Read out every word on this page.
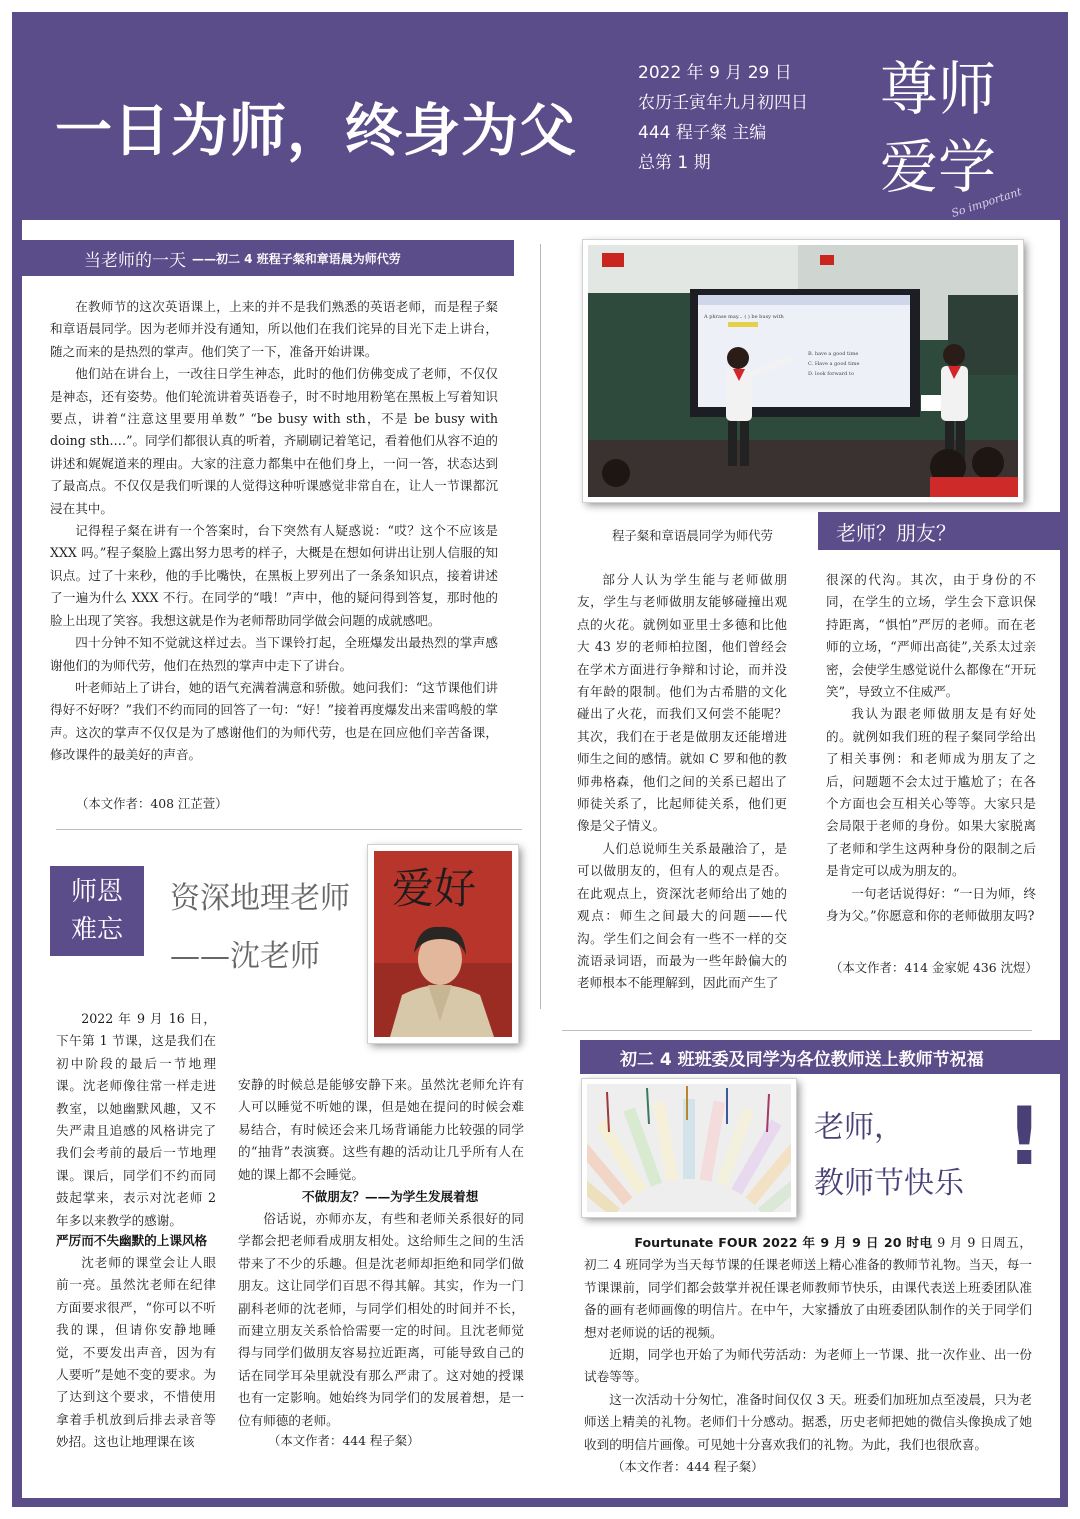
一日为师，终身为父
2022 年 9 月 29 日
农历壬寅年九月初四日
444 程子粲 主编
总第 1 期
尊师
爱学
So important
当老师的一天 ——初二 4 班程子粲和章语晨为师代劳

在教师节的这次英语课上，上来的并不是我们熟悉的英语老师，而是程子粲和章语晨同学。因为老师并没有通知，所以他们在我们诧异的目光下走上讲台，随之而来的是热烈的掌声。他们笑了一下，准备开始讲课。

他们站在讲台上，一改往日学生神态，此时的他们仿佛变成了老师，不仅仅是神态，还有姿势。他们轮流讲着英语卷子，时不时地用粉笔在黑板上写着知识要点，讲着“注意这里要用单数” “be busy with sth，不是 be busy with doing sth.…”。同学们都很认真的听着，齐刷刷记着笔记，看着他们从容不迫的讲述和娓娓道来的理由。大家的注意力都集中在他们身上，一问一答，状态达到了最高点。不仅仅是我们听课的人觉得这种听课感觉非常自在，让人一节课都沉浸在其中。

记得程子粲在讲有一个答案时，台下突然有人疑惑说：“哎？这个不应该是 XXX 吗。”程子粲脸上露出努力思考的样子，大概是在想如何讲出让别人信服的知识点。过了十来秒，他的手比嘴快，在黑板上罗列出了一条条知识点，接着讲述了一遍为什么 XXX 不行。在同学的“哦！”声中，他的疑问得到答复，那时他的脸上出现了笑容。我想这就是作为老师帮助同学做会问题的成就感吧。

四十分钟不知不觉就这样过去。当下课铃打起，全班爆发出最热烈的掌声感谢他们的为师代劳，他们在热烈的掌声中走下了讲台。

叶老师站上了讲台，她的语气充满着满意和骄傲。她问我们：“这节课他们讲得好不好呀？”我们不约而同的回答了一句：“好！”接着再度爆发出来雷鸣般的掌声。这次的掌声不仅仅是为了感谢他们的为师代劳，也是在回应他们辛苦备课，修改课件的最美好的声音。

（本文作者：408 江芷萱）
A phrase may... ( ) be busy with
B. have a good time
C. Have a good time
D. look forward to
程子粲和章语晨同学为师代劳	老师？朋友？

部分人认为学生能与老师做朋友，学生与老师做朋友能够碰撞出观点的火花。就例如亚里士多德和比他大 43 岁的老师柏拉图，他们曾经会在学术方面进行争辩和讨论，而并没有年龄的限制。他们为古希腊的文化碰出了火花，而我们又何尝不能呢？其次，我们在于老是做朋友还能增进师生之间的感情。就如 C 罗和他的教师弗格森，他们之间的关系已超出了师徒关系了，比起师徒关系，他们更像是父子情义。

人们总说师生关系最融洽了，是可以做朋友的，但有人的观点是否。在此观点上，资深沈老师给出了她的观点：师生之间最大的问题——代沟。学生们之间会有一些不一样的交流语录词语，而最为一些年龄偏大的老师根本不能理解到，因此而产生了

很深的代沟。其次，由于身份的不同，在学生的立场，学生会下意识保持距离，“惧怕”严厉的老师。而在老师的立场，“严师出高徒”,关系太过亲密，会使学生感觉说什么都像在“开玩笑”，导致立不住威严。

我认为跟老师做朋友是有好处的。就例如我们班的程子粲同学给出了相关事例：和老师成为朋友了之后，问题题不会太过于尴尬了；在各个方面也会互相关心等等。大家只是会局限于老师的身份。如果大家脱离了老师和学生这两种身份的限制之后是肯定可以成为朋友的。

一句老话说得好：“一日为师，终身为父。”你愿意和你的老师做朋友吗?

（本文作者：414 金家妮 436 沈煜）
师恩
难忘
资深地理老师
——沈老师
爱好

2022 年 9 月 16 日，下午第 1 节课，这是我们在初中阶段的最后一节地理课。沈老师像往常一样走进教室，以她幽默风趣，又不失严肃且追感的风格讲完了我们会考前的最后一节地理课。课后，同学们不约而同鼓起掌来，表示对沈老师 2 年多以来教学的感谢。

严厉而不失幽默的上课风格

沈老师的课堂会让人眼前一亮。虽然沈老师在纪律方面要求很严，“你可以不听我的课，但请你安静地睡觉，不要发出声音，因为有人要听”是她不变的要求。为了达到这个要求，不惜使用拿着手机放到后排去录音等妙招。这也让地理课在该

安静的时候总是能够安静下来。虽然沈老师允许有人可以睡觉不听她的课，但是她在提问的时候会难易结合，有时候还会来几场背诵能力比较强的同学的“抽背”表演赛。这些有趣的活动让几乎所有人在她的课上都不会睡觉。

不做朋友？——为学生发展着想

俗话说，亦师亦友，有些和老师关系很好的同学都会把老师看成朋友相处。这给师生之间的生活带来了不少的乐趣。但是沈老师却拒绝和同学们做朋友。这让同学们百思不得其解。其实，作为一门副科老师的沈老师，与同学们相处的时间并不长，而建立朋友关系恰恰需要一定的时间。且沈老师觉得与同学们做朋友容易拉近距离，可能导致自己的话在同学耳朵里就没有那么严肃了。这对她的授课也有一定影响。她始终为同学们的发展着想，是一位有师德的老师。

（本文作者：444 程子粲）
初二 4 班班委及同学为各位教师送上教师节祝福
老师，
教师节快乐
!

Fourtunate FOUR 2022 年 9 月 9 日 20 时电 9 月 9 日周五，初二 4 班同学为当天每节课的任课老师送上精心准备的教师节礼物。当天，每一节课课前，同学们都会鼓掌并祝任课老师教师节快乐，由课代表送上班委团队准备的画有老师画像的明信片。在中午，大家播放了由班委团队制作的关于同学们想对老师说的话的视频。

近期，同学也开始了为师代劳活动：为老师上一节课、批一次作业、出一份试卷等等。

这一次活动十分匆忙，准备时间仅仅 3 天。班委们加班加点至凌晨，只为老师送上精美的礼物。老师们十分感动。据悉，历史老师把她的微信头像换成了她收到的明信片画像。可见她十分喜欢我们的礼物。为此，我们也很欣喜。

（本文作者：444 程子粲）
